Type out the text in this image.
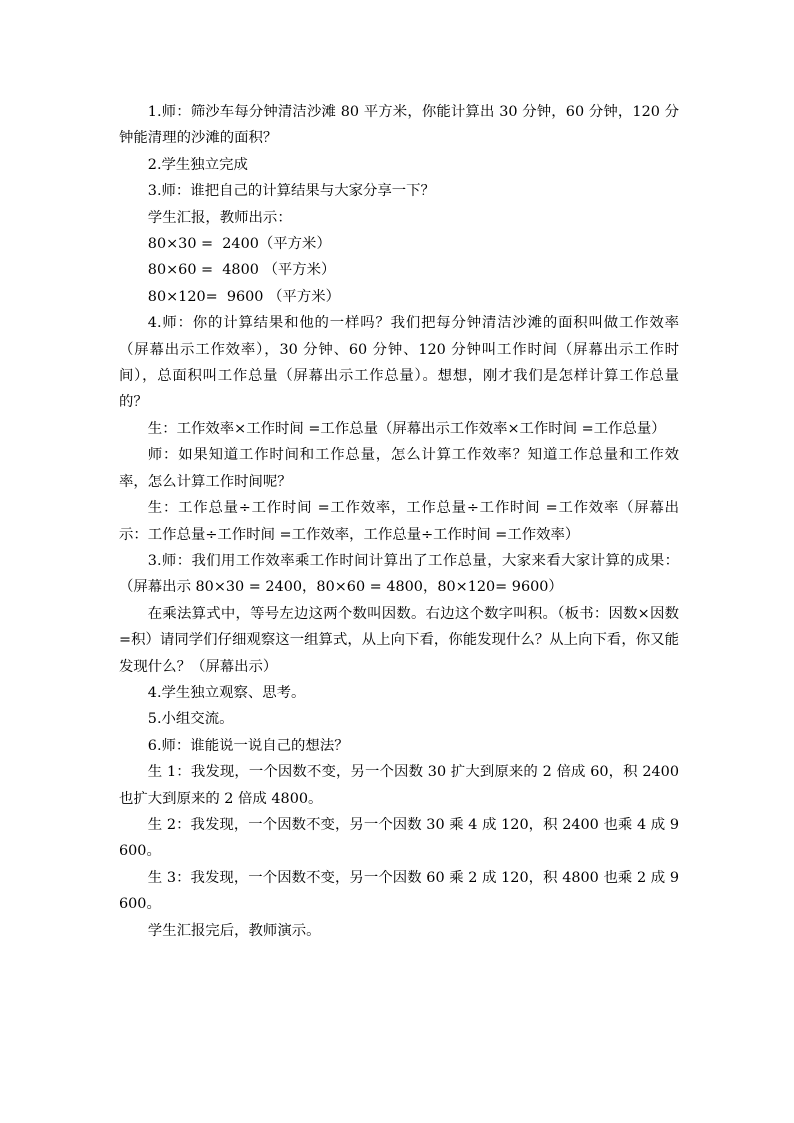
1.师：筛沙车每分钟清洁沙滩 80 平方米，你能计算出 30 分钟，60 分钟，120 分钟能清理的沙滩的面积？

2.学生独立完成

3.师：谁把自己的计算结果与大家分享一下？

学生汇报，教师出示：

80×30 =  2400（平方米）

80×60 =  4800 （平方米）

80×120=  9600 （平方米）

4.师：你的计算结果和他的一样吗？我们把每分钟清洁沙滩的面积叫做工作效率（屏幕出示工作效率），30 分钟、60 分钟、120 分钟叫工作时间（屏幕出示工作时间），总面积叫工作总量（屏幕出示工作总量）。想想，刚才我们是怎样计算工作总量的？

生：工作效率×工作时间 =工作总量（屏幕出示工作效率×工作时间 =工作总量）

师：如果知道工作时间和工作总量，怎么计算工作效率？知道工作总量和工作效率，怎么计算工作时间呢？

生：工作总量÷工作时间 =工作效率，工作总量÷工作时间 =工作效率（屏幕出示：工作总量÷工作时间 =工作效率，工作总量÷工作时间 =工作效率）

3.师：我们用工作效率乘工作时间计算出了工作总量，大家来看大家计算的成果：（屏幕出示 80×30 = 2400，80×60 = 4800，80×120= 9600）

在乘法算式中，等号左边这两个数叫因数。右边这个数字叫积。（板书：因数×因数 =积）请同学们仔细观察这一组算式，从上向下看，你能发现什么？从上向下看，你又能发现什么？（屏幕出示）

4.学生独立观察、思考。

5.小组交流。

6.师：谁能说一说自己的想法？

生 1：我发现，一个因数不变，另一个因数 30 扩大到原来的 2 倍成 60，积 2400 也扩大到原来的 2 倍成 4800。

生 2：我发现，一个因数不变，另一个因数 30 乘 4 成 120，积 2400 也乘 4 成 9600。

生 3：我发现，一个因数不变，另一个因数 60 乘 2 成 120，积 4800 也乘 2 成 9600。

学生汇报完后，教师演示。
